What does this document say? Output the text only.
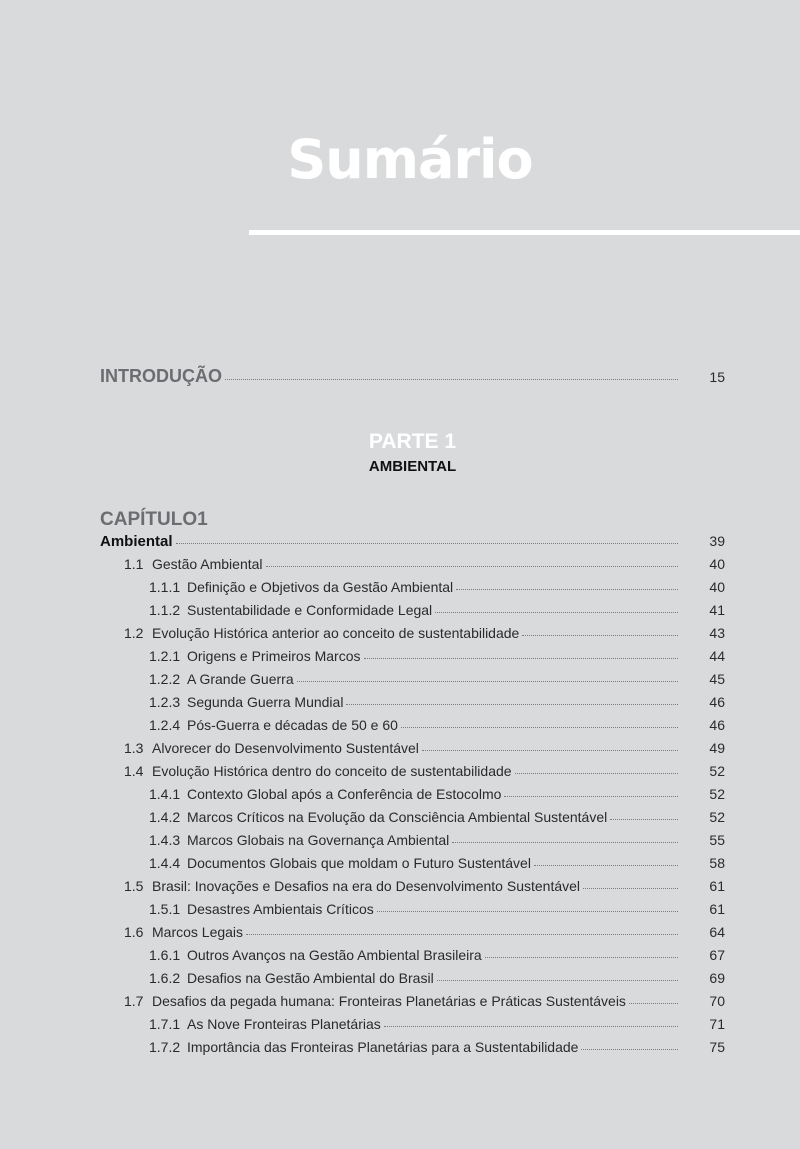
Sumário
INTRODUÇÃO	15
PARTE 1
AMBIENTAL
CAPÍTULO1
Ambiental	39
1.1 Gestão Ambiental	40
1.1.1 Definição e Objetivos da Gestão Ambiental	40
1.1.2 Sustentabilidade e Conformidade Legal	41
1.2 Evolução Histórica anterior ao conceito de sustentabilidade	43
1.2.1 Origens e Primeiros Marcos	44
1.2.2 A Grande Guerra	45
1.2.3 Segunda Guerra Mundial	46
1.2.4 Pós-Guerra e décadas de 50 e 60	46
1.3 Alvorecer do Desenvolvimento Sustentável	49
1.4 Evolução Histórica dentro do conceito de sustentabilidade	52
1.4.1 Contexto Global após a Conferência de Estocolmo	52
1.4.2 Marcos Críticos na Evolução da Consciência Ambiental Sustentável	52
1.4.3 Marcos Globais na Governança Ambiental	55
1.4.4 Documentos Globais que moldam o Futuro Sustentável	58
1.5 Brasil: Inovações e Desafios na era do Desenvolvimento Sustentável	61
1.5.1 Desastres Ambientais Críticos	61
1.6 Marcos Legais	64
1.6.1 Outros Avanços na Gestão Ambiental Brasileira	67
1.6.2 Desafios na Gestão Ambiental do Brasil	69
1.7 Desafios da pegada humana: Fronteiras Planetárias e Práticas Sustentáveis	70
1.7.1 As Nove Fronteiras Planetárias	71
1.7.2 Importância das Fronteiras Planetárias para a Sustentabilidade	75
